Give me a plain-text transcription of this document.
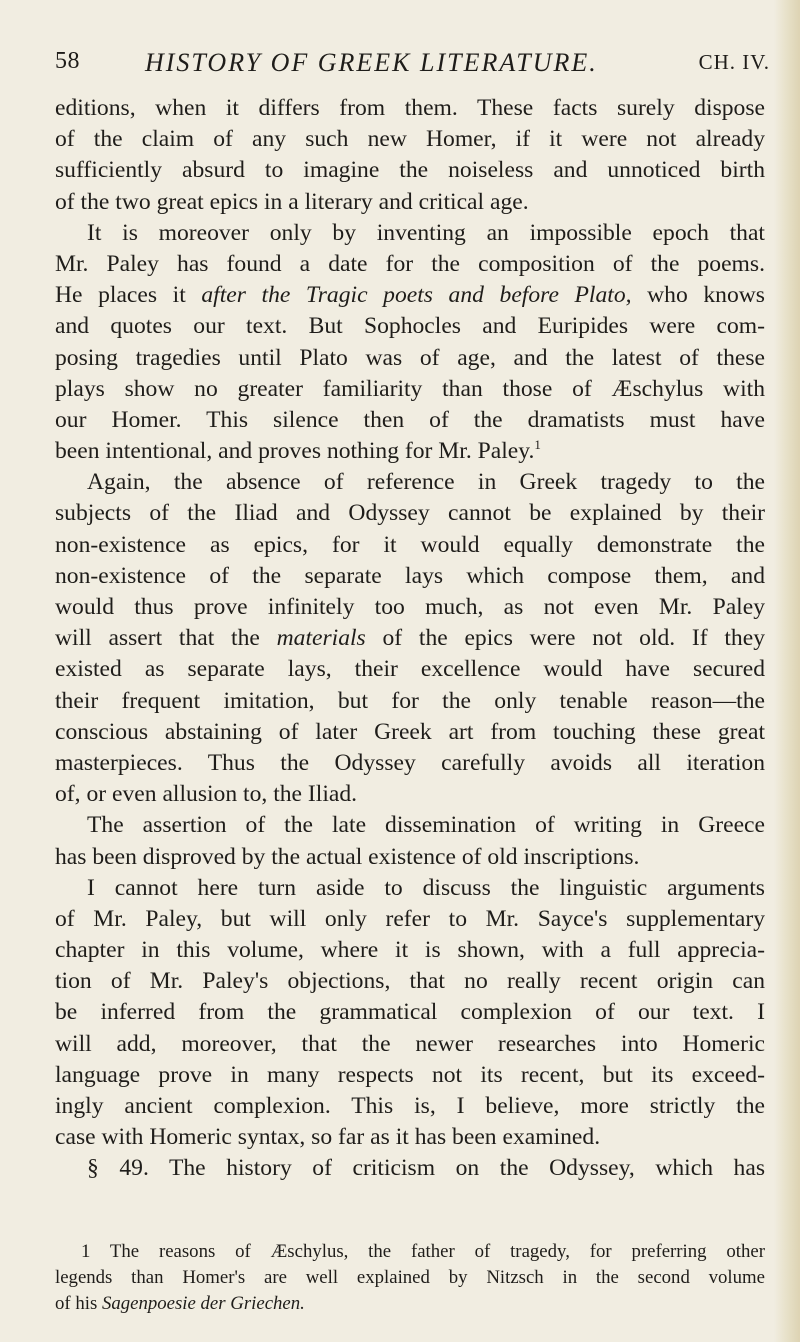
58	HISTORY OF GREEK LITERATURE.	CH. IV.
editions, when it differs from them. These facts surely dispose
of the claim of any such new Homer, if it were not already
sufficiently absurd to imagine the noiseless and unnoticed birth
of the two great epics in a literary and critical age.
It is moreover only by inventing an impossible epoch that
Mr. Paley has found a date for the composition of the poems.
He places it after the Tragic poets and before Plato, who knows
and quotes our text. But Sophocles and Euripides were com-
posing tragedies until Plato was of age, and the latest of these
plays show no greater familiarity than those of Æschylus with
our Homer. This silence then of the dramatists must have
been intentional, and proves nothing for Mr. Paley.$^1$
Again, the absence of reference in Greek tragedy to the
subjects of the Iliad and Odyssey cannot be explained by their
non-existence as epics, for it would equally demonstrate the
non-existence of the separate lays which compose them, and
would thus prove infinitely too much, as not even Mr. Paley
will assert that the materials of the epics were not old. If they
existed as separate lays, their excellence would have secured
their frequent imitation, but for the only tenable reason—the
conscious abstaining of later Greek art from touching these great
masterpieces. Thus the Odyssey carefully avoids all iteration
of, or even allusion to, the Iliad.
The assertion of the late dissemination of writing in Greece
has been disproved by the actual existence of old inscriptions.
I cannot here turn aside to discuss the linguistic arguments
of Mr. Paley, but will only refer to Mr. Sayce's supplementary
chapter in this volume, where it is shown, with a full apprecia-
tion of Mr. Paley's objections, that no really recent origin can
be inferred from the grammatical complexion of our text. I
will add, moreover, that the newer researches into Homeric
language prove in many respects not its recent, but its exceed-
ingly ancient complexion. This is, I believe, more strictly the
case with Homeric syntax, so far as it has been examined.
§ 49. The history of criticism on the Odyssey, which has
1 The reasons of Æschylus, the father of tragedy, for preferring other
legends than Homer's are well explained by Nitzsch in the second volume
of his Sagenpoesie der Griechen.
